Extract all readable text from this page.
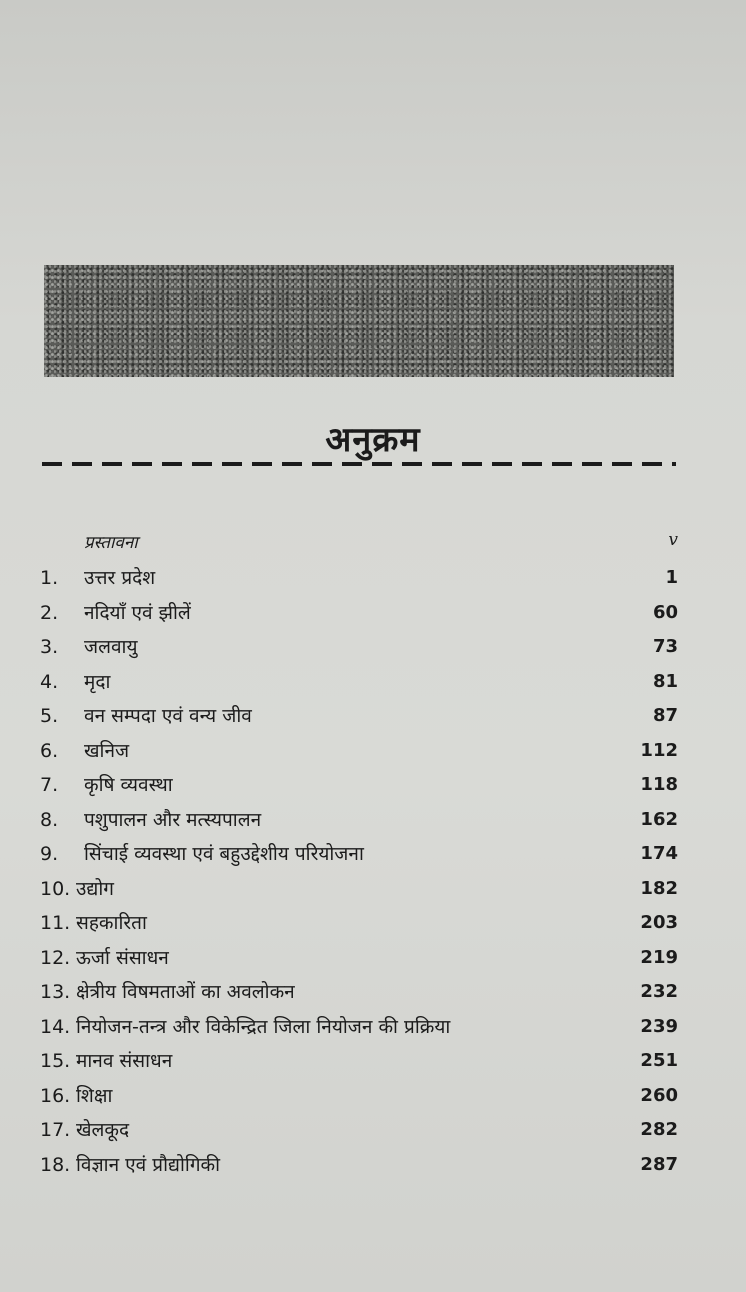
अनुक्रम
प्रस्तावना	v
1. उत्तर प्रदेश	1
2. नदियाँ एवं झीलें	60
3. जलवायु	73
4. मृदा	81
5. वन सम्पदा एवं वन्य जीव	87
6. खनिज	112
7. कृषि व्यवस्था	118
8. पशुपालन और मत्स्यपालन	162
9. सिंचाई व्यवस्था एवं बहुउद्देशीय परियोजना	174
10. उद्योग	182
11. सहकारिता	203
12. ऊर्जा संसाधन	219
13. क्षेत्रीय विषमताओं का अवलोकन	232
14. नियोजन-तन्त्र और विकेन्द्रित जिला नियोजन की प्रक्रिया	239
15. मानव संसाधन	251
16. शिक्षा	260
17. खेलकूद	282
18. विज्ञान एवं प्रौद्योगिकी	287
